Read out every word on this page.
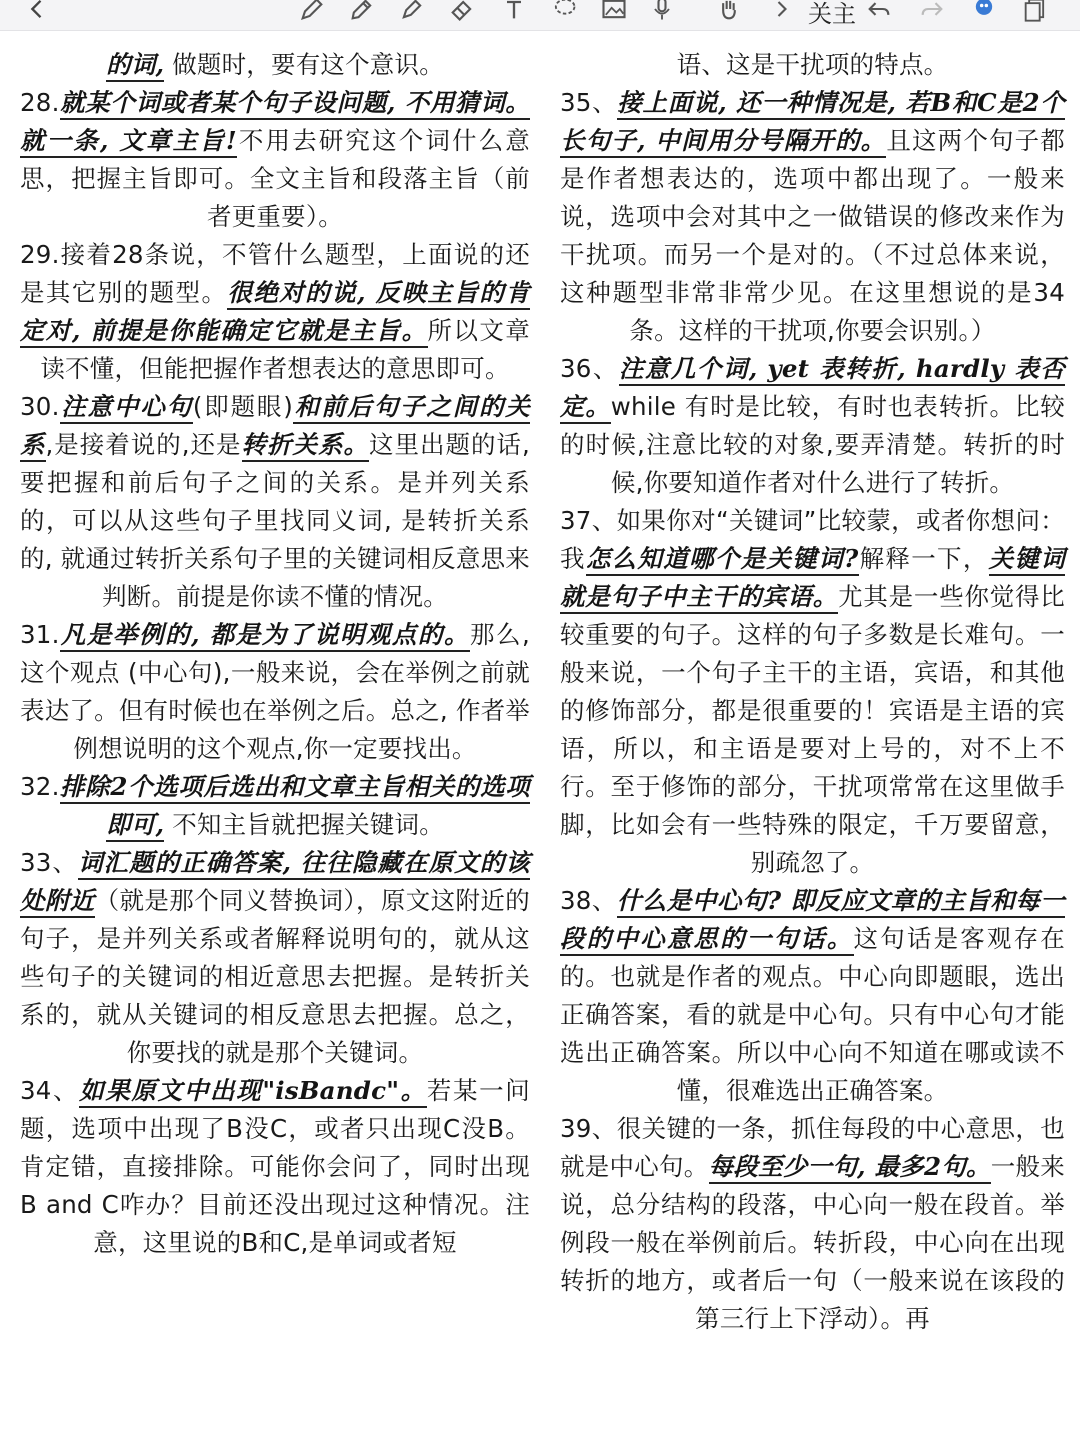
关主

的词, 做题时，要有这个意识。

28.就某个词或者某个句子设问题, 不用猜词。就一条, 文章主旨!不用去研究这个词什么意思，把握主旨即可。全文主旨和段落主旨（前者更重要）。

29.接着28条说，不管什么题型，上面说的还是其它别的题型。很绝对的说, 反映主旨的肯定对, 前提是你能确定它就是主旨。所以文章读不懂，但能把握作者想表达的意思即可。

30.注意中心句(即题眼)和前后句子之间的关系,是接着说的,还是转折关系。这里出题的话, 要把握和前后句子之间的关系。是并列关系的，可以从这些句子里找同义词, 是转折关系的, 就通过转折关系句子里的关键词相反意思来判断。前提是你读不懂的情况。

31.凡是举例的, 都是为了说明观点的。那么, 这个观点 (中心句),一般来说，会在举例之前就表达了。但有时候也在举例之后。总之, 作者举例想说明的这个观点,你一定要找出。

32.排除2个选项后选出和文章主旨相关的选项即可, 不知主旨就把握关键词。

33、词汇题的正确答案, 往往隐藏在原文的该处附近（就是那个同义替换词），原文这附近的句子，是并列关系或者解释说明句的，就从这些句子的关键词的相近意思去把握。是转折关系的，就从关键词的相反意思去把握。总之，你要找的就是那个关键词。

34、如果原文中出现"isBandc"。若某一问题，选项中出现了B没C，或者只出现C没B。肯定错，直接排除。可能你会问了，同时出现B and C咋办？目前还没出现过这种情况。注意，这里说的B和C,是单词或者短

语、这是干扰项的特点。

35、接上面说, 还一种情况是, 若B和C是2个长句子, 中间用分号隔开的。且这两个句子都是作者想表达的，选项中都出现了。一般来说，选项中会对其中之一做错误的修改来作为干扰项。而另一个是对的。（不过总体来说，这种题型非常非常少见。在这里想说的是34条。这样的干扰项,你要会识别。）

36、注意几个词, yet 表转折, hardly 表否定。while 有时是比较，有时也表转折。比较的时候,注意比较的对象,要弄清楚。转折的时候,你要知道作者对什么进行了转折。

37、如果你对“关键词”比较蒙，或者你想问：我怎么知道哪个是关键词?解释一下，关键词就是句子中主干的宾语。尤其是一些你觉得比较重要的句子。这样的句子多数是长难句。一般来说，一个句子主干的主语，宾语，和其他的修饰部分，都是很重要的！宾语是主语的宾语，所以，和主语是要对上号的，对不上不行。至于修饰的部分，干扰项常常在这里做手脚，比如会有一些特殊的限定，千万要留意，别疏忽了。

38、什么是中心句? 即反应文章的主旨和每一段的中心意思的一句话。这句话是客观存在的。也就是作者的观点。中心向即题眼，选出正确答案，看的就是中心句。只有中心句才能选出正确答案。所以中心向不知道在哪或读不懂，很难选出正确答案。

39、很关键的一条，抓住每段的中心意思，也就是中心句。每段至少一句, 最多2句。一般来说，总分结构的段落，中心向一般在段首。举例段一般在举例前后。转折段，中心向在出现转折的地方，或者后一句（一般来说在该段的第三行上下浮动）。再
